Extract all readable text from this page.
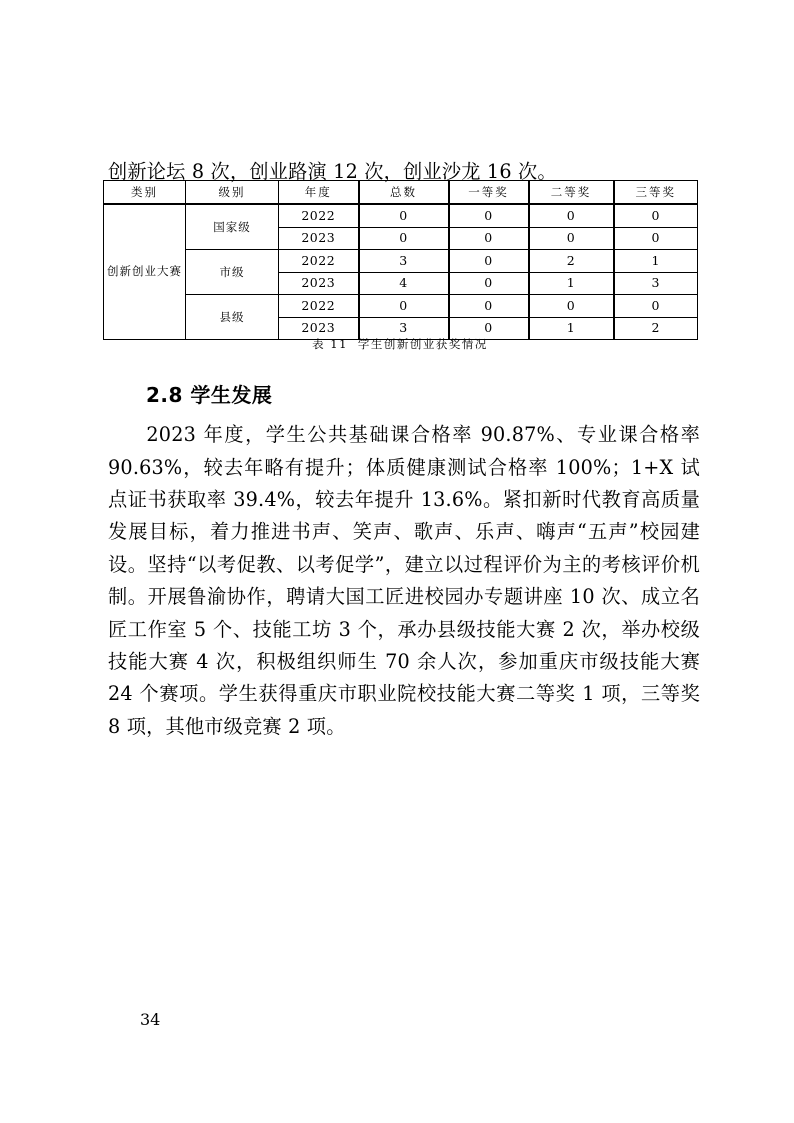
创新论坛 8 次，创业路演 12 次，创业沙龙 16 次。

类别	级别	年度	总数	一等奖	二等奖	三等奖
创新创业大赛	国家级	2022	0	0	0	0
		2023	0	0	0	0
	市级	2022	3	0	2	1
		2023	4	0	1	3
	县级	2022	0	0	0	0
		2023	3	0	1	2
表 11 学生创新创业获奖情况
2.8 学生发展

2023 年度，学生公共基础课合格率 90.87%、专业课合格率 90.63%，较去年略有提升；体质健康测试合格率 100%；1+X 试点证书获取率 39.4%，较去年提升 13.6%。紧扣新时代教育高质量发展目标，着力推进书声、笑声、歌声、乐声、嗨声“五声”校园建设。坚持“以考促教、以考促学”，建立以过程评价为主的考核评价机制。开展鲁渝协作，聘请大国工匠进校园办专题讲座 10 次、成立名匠工作室 5 个、技能工坊 3 个，承办县级技能大赛 2 次，举办校级技能大赛 4 次，积极组织师生 70 余人次，参加重庆市级技能大赛 24 个赛项。学生获得重庆市职业院校技能大赛二等奖 1 项，三等奖 8 项，其他市级竞赛 2 项。

34
